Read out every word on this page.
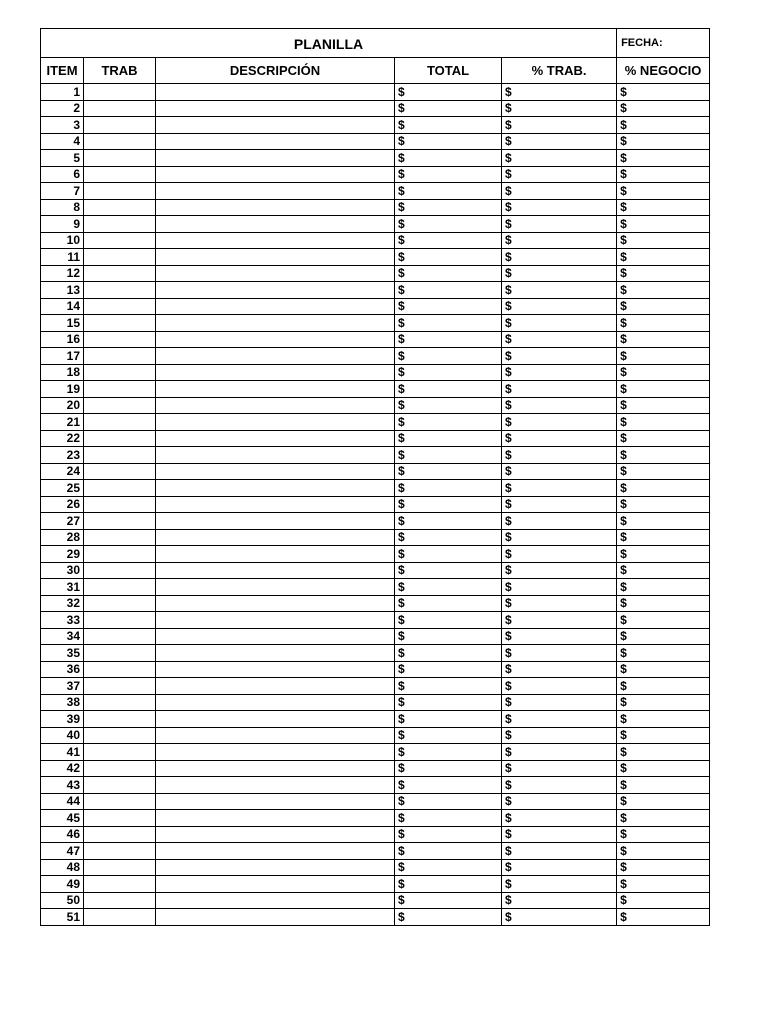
PLANILLA					FECHA:
ITEM	TRAB	DESCRIPCIÓN	TOTAL	% TRAB.	% NEGOCIO
1			$	$	$
2			$	$	$
3			$	$	$
4			$	$	$
5			$	$	$
6			$	$	$
7			$	$	$
8			$	$	$
9			$	$	$
10			$	$	$
11			$	$	$
12			$	$	$
13			$	$	$
14			$	$	$
15			$	$	$
16			$	$	$
17			$	$	$
18			$	$	$
19			$	$	$
20			$	$	$
21			$	$	$
22			$	$	$
23			$	$	$
24			$	$	$
25			$	$	$
26			$	$	$
27			$	$	$
28			$	$	$
29			$	$	$
30			$	$	$
31			$	$	$
32			$	$	$
33			$	$	$
34			$	$	$
35			$	$	$
36			$	$	$
37			$	$	$
38			$	$	$
39			$	$	$
40			$	$	$
41			$	$	$
42			$	$	$
43			$	$	$
44			$	$	$
45			$	$	$
46			$	$	$
47			$	$	$
48			$	$	$
49			$	$	$
50			$	$	$
51			$	$	$
